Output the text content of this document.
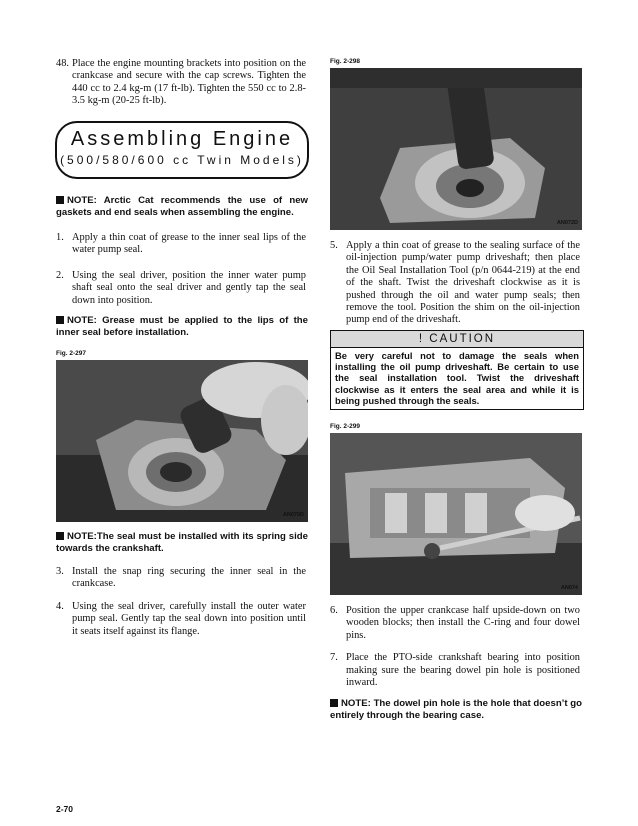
48. Place the engine mounting brackets into position on the crankcase and secure with the cap screws. Tighten the 440 cc to 2.4 kg-m (17 ft-lb). Tighten the 550 cc to 2.8-3.5 kg-m (20-25 ft-lb).
Assembling Engine
(500/580/600 cc Twin Models)

NOTE: Arctic Cat recommends the use of new gaskets and end seals when assembling the engine.

1. Apply a thin coat of grease to the inner seal lips of the water pump seal.
2. Using the seal driver, position the inner water pump shaft seal onto the seal driver and gently tap the seal down into position.

NOTE: Grease must be applied to the lips of the inner seal before installation.

Fig. 2-297

AN070D

NOTE:The seal must be installed with its spring side towards the crankshaft.

3. Install the snap ring securing the inner seal in the crankcase.
4. Using the seal driver, carefully install the outer water pump seal. Gently tap the seal down into position until it seats itself against its flange.

Fig. 2-298

AN072D
5. Apply a thin coat of grease to the sealing surface of the oil-injection pump/water pump driveshaft; then place the Oil Seal Installation Tool (p/n 0644-219) at the end of the shaft. Twist the driveshaft clockwise as it is pushed through the oil and water pump seals; then remove the tool. Position the shim on the oil-injection pump end of the driveshaft.
! CAUTION
Be very careful not to damage the seals when installing the oil pump driveshaft. Be certain to use the seal installation tool. Twist the driveshaft clockwise as it enters the seal area and while it is being pushed through the seals.

Fig. 2-299

AN074
6. Position the upper crankcase half upside-down on two wooden blocks; then install the C-ring and four dowel pins.
7. Place the PTO-side crankshaft bearing into position making sure the bearing dowel pin hole is positioned inward.

NOTE: The dowel pin hole is the hole that doesn’t go entirely through the bearing case.

2-70
